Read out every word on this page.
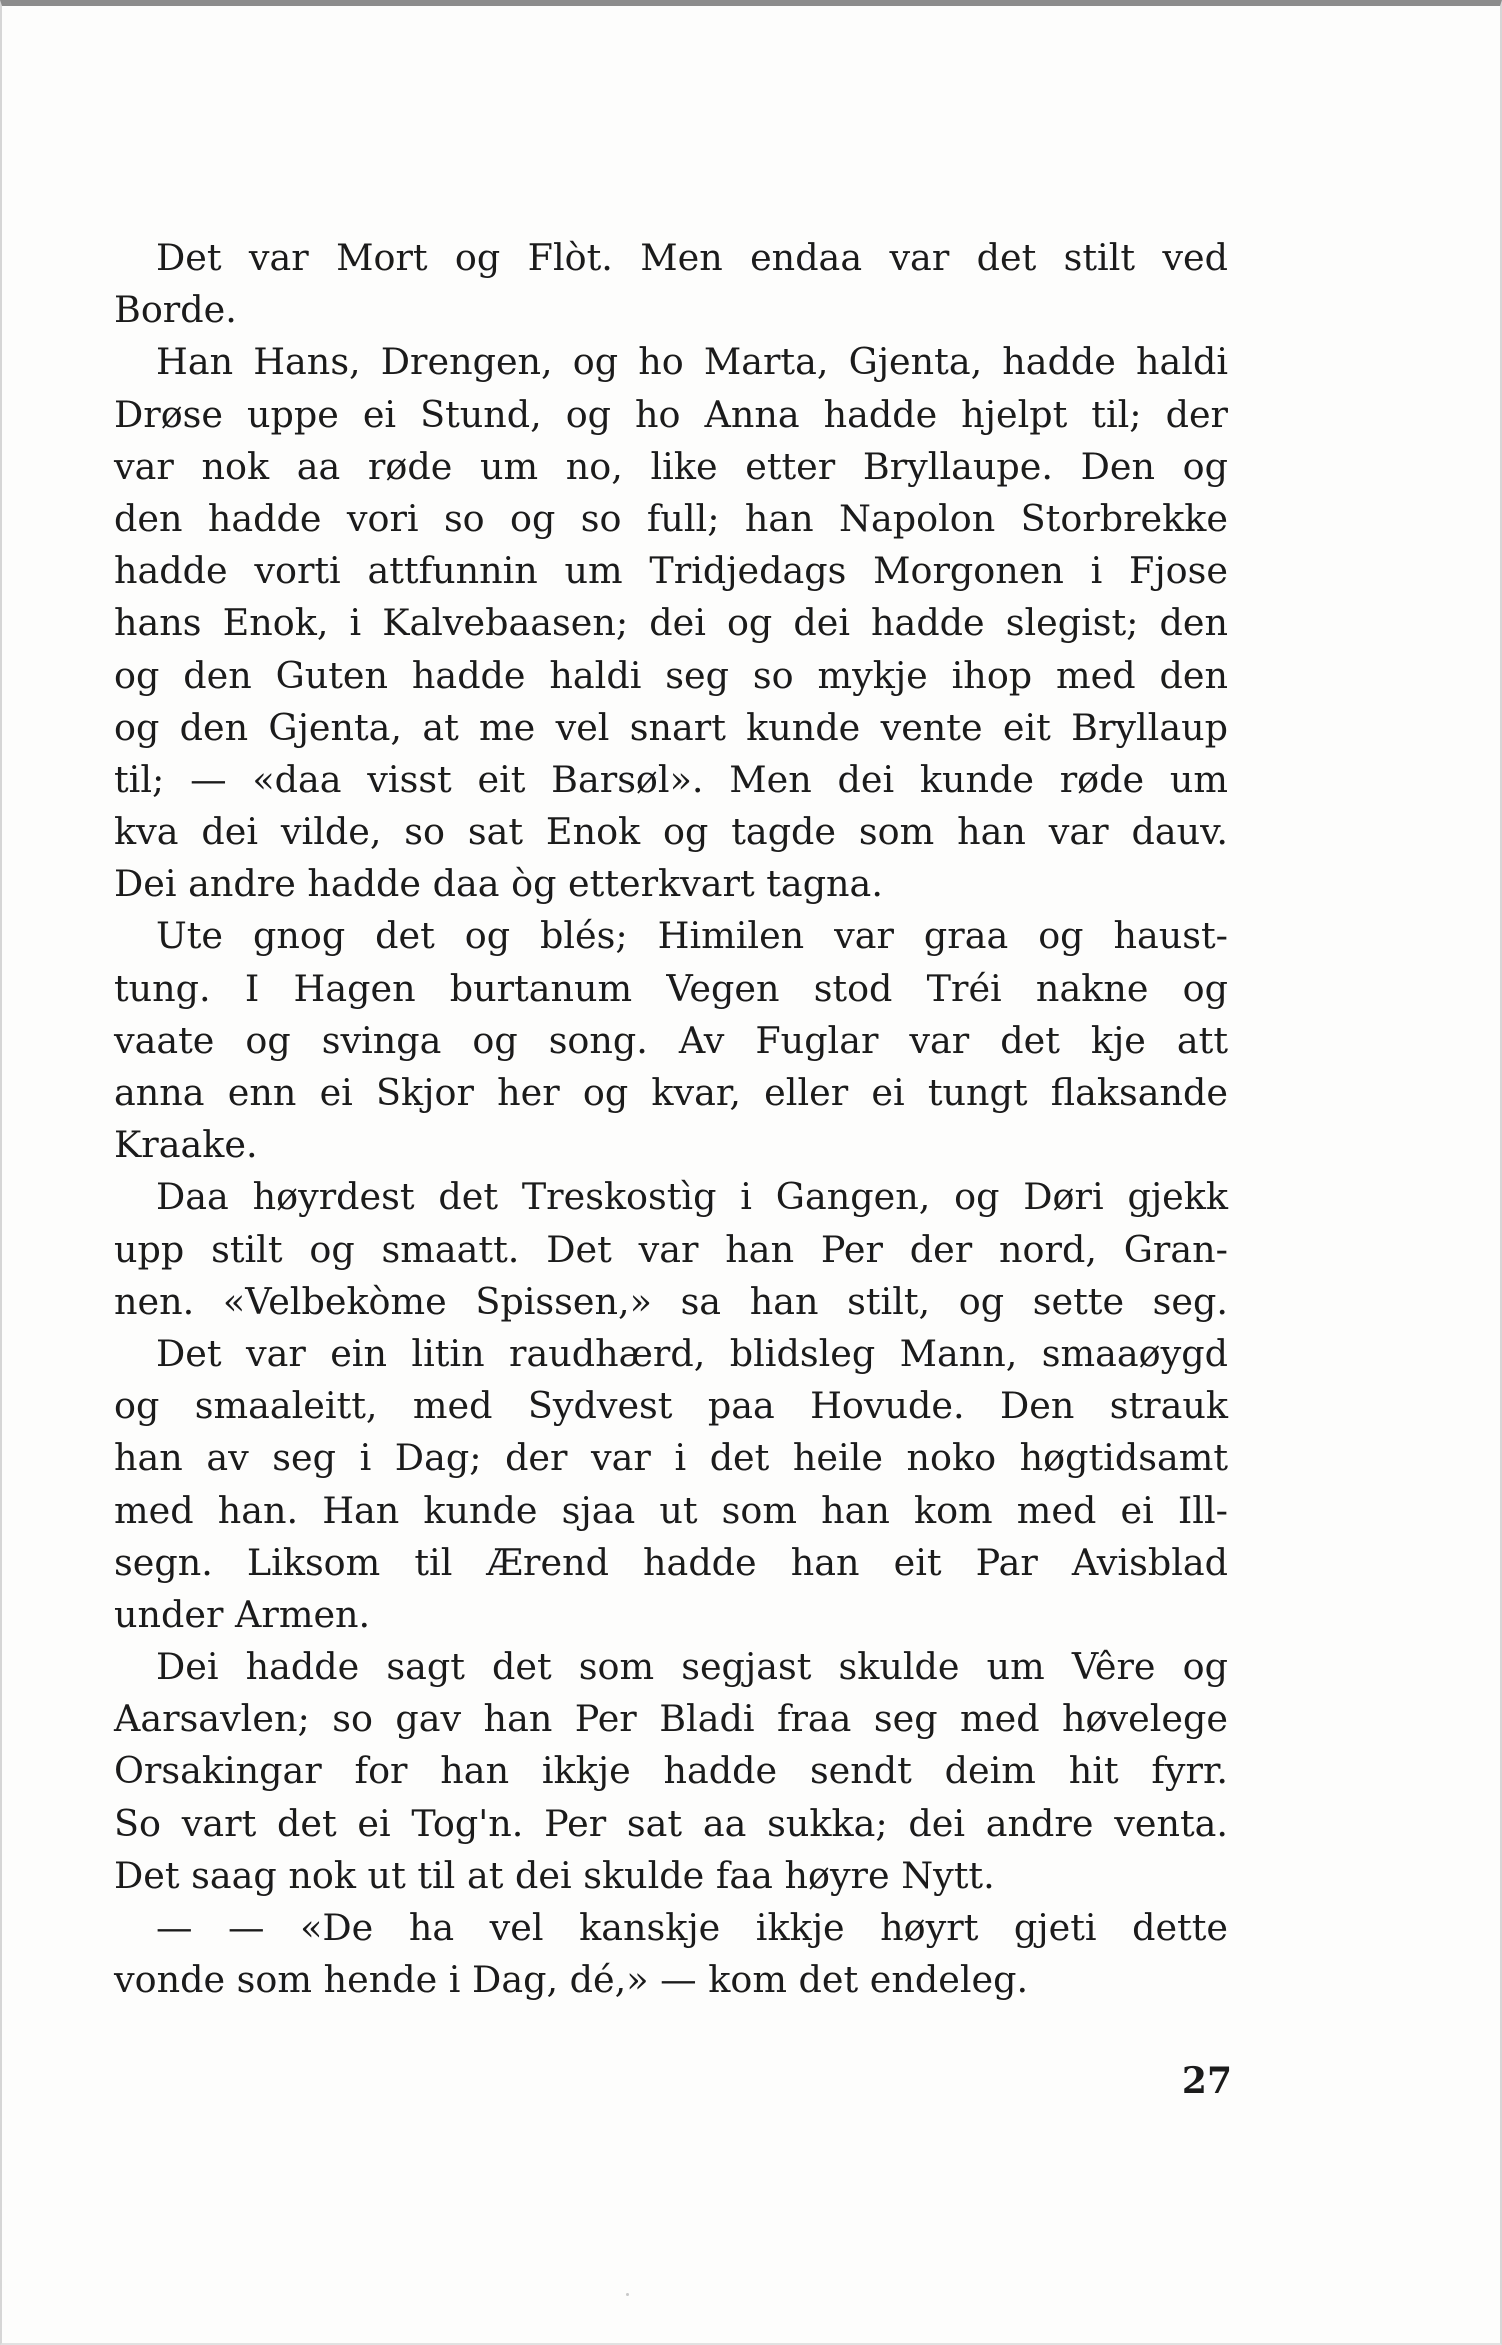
Det var Mort og Flòt. Men endaa var det stilt ved
Borde.
Han Hans, Drengen, og ho Marta, Gjenta, hadde haldi
Drøse uppe ei Stund, og ho Anna hadde hjelpt til; der
var nok aa røde um no, like etter Bryllaupe. Den og
den hadde vori so og so full; han Napolon Storbrekke
hadde vorti attfunnin um Tridjedags Morgonen i Fjose
hans Enok, i Kalvebaasen; dei og dei hadde slegist; den
og den Guten hadde haldi seg so mykje ihop med den
og den Gjenta, at me vel snart kunde vente eit Bryllaup
til; — «daa visst eit Barsøl». Men dei kunde røde um
kva dei vilde, so sat Enok og tagde som han var dauv.
Dei andre hadde daa òg etterkvart tagna.
Ute gnog det og blés; Himilen var graa og haust-
tung. I Hagen burtanum Vegen stod Tréi nakne og
vaate og svinga og song. Av Fuglar var det kje att
anna enn ei Skjor her og kvar, eller ei tungt flaksande
Kraake.
Daa høyrdest det Treskostìg i Gangen, og Døri gjekk
upp stilt og smaatt. Det var han Per der nord, Gran-
nen. «Velbekòme Spissen,» sa han stilt, og sette seg.
Det var ein litin raudhærd, blidsleg Mann, smaaøygd
og smaaleitt, med Sydvest paa Hovude. Den strauk
han av seg i Dag; der var i det heile noko høgtidsamt
med han. Han kunde sjaa ut som han kom med ei Ill-
segn. Liksom til Ærend hadde han eit Par Avisblad
under Armen.
Dei hadde sagt det som segjast skulde um Vêre og
Aarsavlen; so gav han Per Bladi fraa seg med høvelege
Orsakingar for han ikkje hadde sendt deim hit fyrr.
So vart det ei Tog'n. Per sat aa sukka; dei andre venta.
Det saag nok ut til at dei skulde faa høyre Nytt.
— — «De ha vel kanskje ikkje høyrt gjeti dette
vonde som hende i Dag, dé,» — kom det endeleg.
27
